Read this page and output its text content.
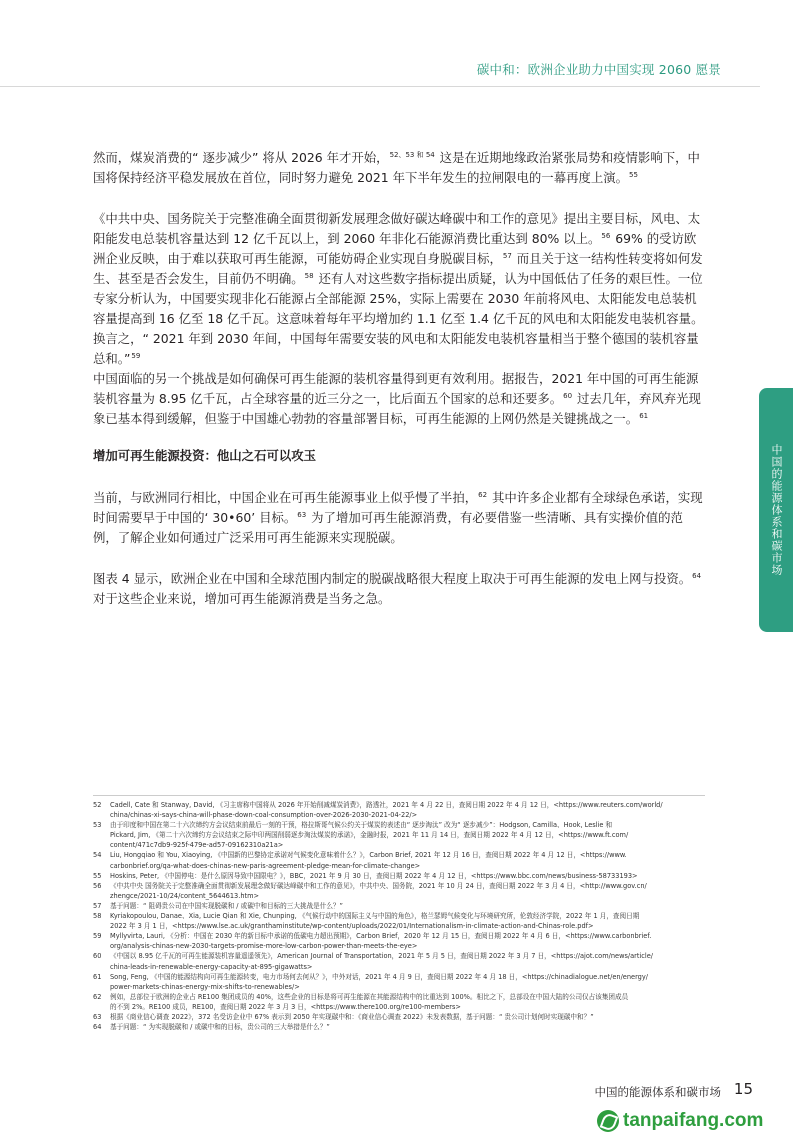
碳中和：欧洲企业助力中国实现 2060 愿景
中国的能源体系和碳市场

然而，煤炭消费的“ 逐步减少” 将从 2026 年才开始，$^{52、53 和 54}$ 这是在近期地缘政治紧张局势和疫情影响下，中国将保持经济平稳发展放在首位，同时努力避免 2021 年下半年发生的拉闸限电的一幕再度上演。$^{55}$

《中共中央、国务院关于完整准确全面贯彻新发展理念做好碳达峰碳中和工作的意见》提出主要目标，风电、太阳能发电总装机容量达到 12 亿千瓦以上，到 2060 年非化石能源消费比重达到 80% 以上。$^{56}$ 69% 的受访欧洲企业反映，由于难以获取可再生能源，可能妨碍企业实现自身脱碳目标，$^{57}$ 而且关于这一结构性转变将如何发生、甚至是否会发生，目前仍不明确。$^{58}$ 还有人对这些数字指标提出质疑，认为中国低估了任务的艰巨性。一位专家分析认为，中国要实现非化石能源占全部能源 25%，实际上需要在 2030 年前将风电、太阳能发电总装机容量提高到 16 亿至 18 亿千瓦。这意味着每年平均增加约 1.1 亿至 1.4 亿千瓦的风电和太阳能发电装机容量。换言之，“ 2021 年到 2030 年间，中国每年需要安装的风电和太阳能发电装机容量相当于整个德国的装机容量总和。”$^{59}$

中国面临的另一个挑战是如何确保可再生能源的装机容量得到更有效利用。据报告，2021 年中国的可再生能源装机容量为 8.95 亿千瓦，占全球容量的近三分之一，比后面五个国家的总和还要多。$^{60}$ 过去几年，弃风弃光现象已基本得到缓解，但鉴于中国雄心勃勃的容量部署目标，可再生能源的上网仍然是关键挑战之一。$^{61}$

增加可再生能源投资：他山之石可以攻玉

当前，与欧洲同行相比，中国企业在可再生能源事业上似乎慢了半拍，$^{62}$ 其中许多企业都有全球绿色承诺，实现时间需要早于中国的‘ 30•60’ 目标。$^{63}$ 为了增加可再生能源消费，有必要借鉴一些清晰、具有实操价值的范例，了解企业如何通过广泛采用可再生能源来实现脱碳。

图表 4 显示，欧洲企业在中国和全球范围内制定的脱碳战略很大程度上取决于可再生能源的发电上网与投资。$^{64}$ 对于这些企业来说，增加可再生能源消费是当务之急。

52	Cadell, Cate 和 Stanway, David, 《习主席称中国将从 2026 年开始削减煤炭消费》，路透社，2021 年 4 月 22 日，查阅日期 2022 年 4 月 12 日，<https://www.reuters.com/world/
china/chinas-xi-says-china-will-phase-down-coal-consumption-over-2026-2030-2021-04-22/>
53	由于印度和中国在第二十六次缔约方会议结束前最后一刻的干预，格拉斯哥气候公约关于煤炭的表述由“ 逐步淘汰” 改为“ 逐步减少”：Hodgson, Camilla、Hook, Leslie 和
Pickard, Jim, 《第二十六次缔约方会议结束之际中印两国削弱逐步淘汰煤炭的承诺》，金融时报，2021 年 11 月 14 日，查阅日期 2022 年 4 月 12 日，<https://www.ft.com/
content/471c7db9-925f-479e-ad57-09162310a21a>
54	Liu, Hongqiao 和 You, Xiaoying, 《中国新的巴黎协定承诺对气候变化意味着什么？》，Carbon Brief, 2021 年 12 月 16 日，查阅日期 2022 年 4 月 12 日，<https://www.
carbonbrief.org/qa-what-does-chinas-new-paris-agreement-pledge-mean-for-climate-change>
55	Hoskins, Peter, 《中国停电：是什么原因导致中国限电？》，BBC，2021 年 9 月 30 日，查阅日期 2022 年 4 月 12 日，<https://www.bbc.com/news/business-58733193>
56	《中共中央 国务院关于完整准确全面贯彻新发展理念做好碳达峰碳中和工作的意见》，中共中央、国务院，2021 年 10 月 24 日，查阅日期 2022 年 3 月 4 日，<http://www.gov.cn/
zhengce/2021-10/24/content_5644613.htm>
57	基于问题：“ 阻碍贵公司在中国实现脱碳和 / 或碳中和目标的三大挑战是什么？”
58	Kyriakopoulou, Danae、Xia, Lucie Qian 和 Xie, Chunping, 《气候行动中的国际主义与中国的角色》，格兰瑟姆气候变化与环境研究所，伦敦经济学院，2022 年 1 月，查阅日期
2022 年 3 月 1 日，<https://www.lse.ac.uk/granthaminstitute/wp-content/uploads/2022/01/Internationalism-in-climate-action-and-Chinas-role.pdf>
59	Myllyvirta, Lauri, 《分析：中国在 2030 年的新目标中承诺的低碳电力超出预期》，Carbon Brief，2020 年 12 月 15 日，查阅日期 2022 年 4 月 6 日，<https://www.carbonbrief.
org/analysis-chinas-new-2030-targets-promise-more-low-carbon-power-than-meets-the-eye>
60	《中国以 8.95 亿千瓦的可再生能源装机容量遥遥领先》，American Journal of Transportation，2021 年 5 月 5 日，查阅日期 2022 年 3 月 7 日，<https://ajot.com/news/article/
china-leads-in-renewable-energy-capacity-at-895-gigawatts>
61	Song, Feng, 《中国的能源结构向可再生能源转变，电力市场何去何从？》，中外对话，2021 年 4 月 9 日，查阅日期 2022 年 4 月 18 日，<https://chinadialogue.net/en/energy/
power-markets-chinas-energy-mix-shifts-to-renewables/>
62	例如，总部位于欧洲的企业占 RE100 集团成员的 40%，这些企业的目标是将可再生能源在其能源结构中的比重达到 100%。相比之下，总部设在中国大陆的公司仅占该集团成员
的不到 2%。RE100 成员，RE100，查阅日期 2022 年 3 月 3 日，<https://www.there100.org/re100-members>
63	根据《商业信心调查 2022》，372 名受访企业中 67% 表示到 2050 年实现碳中和：《商业信心调查 2022》未发表数据，基于问题：“ 贵公司计划何时实现碳中和？”
64	基于问题：“ 为实现脱碳和 / 或碳中和的目标，贵公司的三大举措是什么？”
中国的能源体系和碳市场 15
tanpaifang.com
